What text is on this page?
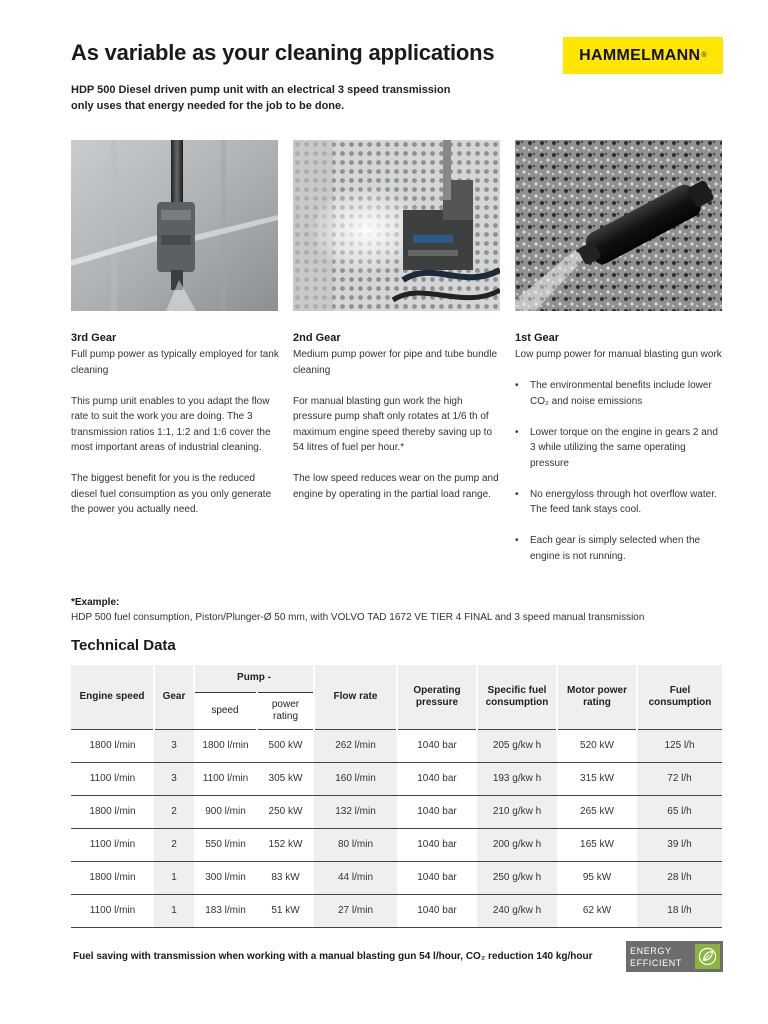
As variable as your cleaning applications	HAMMELMANN ®
HDP 500 Diesel driven pump unit with an electrical 3 speed transmission
only uses that energy needed for the job to be done.
3rd Gear

Full pump power as typically employed for tank cleaning

This pump unit enables to you adapt the flow rate to suit the work you are doing. The 3 transmission ratios 1:1, 1:2 and 1:6 cover the most important areas of industrial cleaning.

The biggest benefit for you is the reduced diesel fuel consumption as you only generate the power you actually need.

2nd Gear

Medium pump power for pipe and tube bundle cleaning

For manual blasting gun work the high pressure pump shaft only rotates at 1/6 th of maximum engine speed thereby saving up to 54 litres of fuel per hour.*

The low speed reduces wear on the pump and engine by operating in the partial load range.

1st Gear

Low pump power for manual blasting gun work

• The environmental benefits include lower CO₂ and noise emissions
• Lower torque on the engine in gears 2 and 3 while utilizing the same operating pressure
• No energyloss through hot overflow water. The feed tank stays cool.
• Each gear is simply selected when the engine is not running.
*Example:
HDP 500 fuel consumption, Piston/Plunger-Ø 50 mm, with VOLVO TAD 1672 VE TIER 4 FINAL and 3 speed manual transmission
Technical Data
Engine speed	Gear	Pump -		Flow rate	Operating pressure	Specific fuel consumption	Motor power rating	Fuel consumption
		speed	power rating					
1800 l/min	3	1800 l/min	500 kW	262 l/min	1040 bar	205 g/kw h	520 kW	125 l/h
1100 l/min	3	1100 l/min	305 kW	160 l/min	1040 bar	193 g/kw h	315 kW	72 l/h
1800 l/min	2	900 l/min	250 kW	132 l/min	1040 bar	210 g/kw h	265 kW	65 l/h
1100 l/min	2	550 l/min	152 kW	80 l/min	1040 bar	200 g/kw h	165 kW	39 l/h
1800 l/min	1	300 l/min	83 kW	44 l/min	1040 bar	250 g/kw h	95 kW	28 l/h
1100 l/min	1	183 l/min	51 kW	27 l/min	1040 bar	240 g/kw h	62 kW	18 l/h
Fuel saving with transmission when working with a manual blasting gun 54 l/hour, CO₂ reduction 140 kg/hour
ENERGY
EFFICIENT
